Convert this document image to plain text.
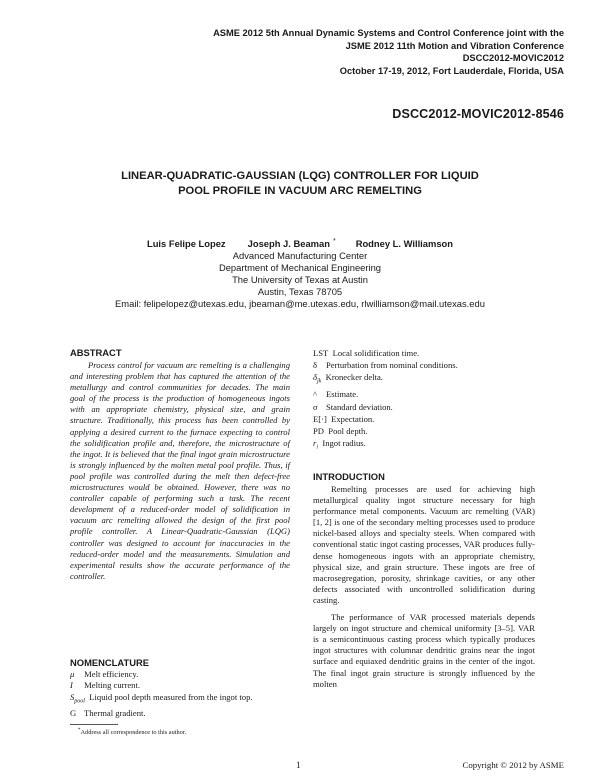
ASME 2012 5th Annual Dynamic Systems and Control Conference joint with the
JSME 2012 11th Motion and Vibration Conference
DSCC2012-MOVIC2012
October 17-19, 2012, Fort Lauderdale, Florida, USA
DSCC2012-MOVIC2012-8546
LINEAR-QUADRATIC-GAUSSIAN (LQG) CONTROLLER FOR LIQUID
POOL PROFILE IN VACUUM ARC REMELTING
Luis Felipe Lopez Joseph J. Beaman * Rodney L. Williamson
Advanced Manufacturing Center
Department of Mechanical Engineering
The University of Texas at Austin
Austin, Texas 78705
Email: felipelopez@utexas.edu, jbeaman@me.utexas.edu, rlwilliamson@mail.utexas.edu
ABSTRACT

Process control for vacuum arc remelting is a challenging and interesting problem that has captured the attention of the metallurgy and control communities for decades. The main goal of the process is the production of homogeneous ingots with an appropriate chemistry, physical size, and grain structure. Traditionally, this process has been controlled by applying a desired current to the furnace expecting to control the solidification profile and, therefore, the microstructure of the ingot. It is believed that the final ingot grain microstructure is strongly influenced by the molten metal pool profile. Thus, if pool profile was controlled during the melt then defect-free microstructures would be obtained. However, there was no controller capable of performing such a task. The recent development of a reduced-order model of solidification in vacuum arc remelting allowed the design of the first pool profile controller. A Linear-Quadratic-Gaussian (LQG) controller was designed to account for inaccuracies in the reduced-order model and the measurements. Simulation and experimental results show the accurate performance of the controller.

NOMENCLATURE
μ Melt efficiency.
I Melting current.
$S_{pool}$ Liquid pool depth measured from the ingot top.
G Thermal gradient.
*Address all correspondence to this author.
LST Local solidification time.
δ Perturbation from nominal conditions.
$\delta_{jk}$ Kronecker delta.
^ Estimate.
σ Standard deviation.
E[·] Expectation.
PD Pool depth.
$r_i$ Ingot radius.
INTRODUCTION

Remelting processes are used for achieving high metallurgical quality ingot structure necessary for high performance metal components. Vacuum arc remelting (VAR) [1, 2] is one of the secondary melting processes used to produce nickel-based alloys and specialty steels. When compared with conventional static ingot casting processes, VAR produces fully-dense homogeneous ingots with an appropriate chemistry, physical size, and grain structure. These ingots are free of macrosegregation, porosity, shrinkage cavities, or any other defects associated with uncontrolled solidification during casting.

The performance of VAR processed materials depends largely on ingot structure and chemical uniformity [3–5]. VAR is a semicontinuous casting process which typically produces ingot structures with columnar dendritic grains near the ingot surface and equiaxed dendritic grains in the center of the ingot. The final ingot grain structure is strongly influenced by the molten

1	Copyright © 2012 by ASME
